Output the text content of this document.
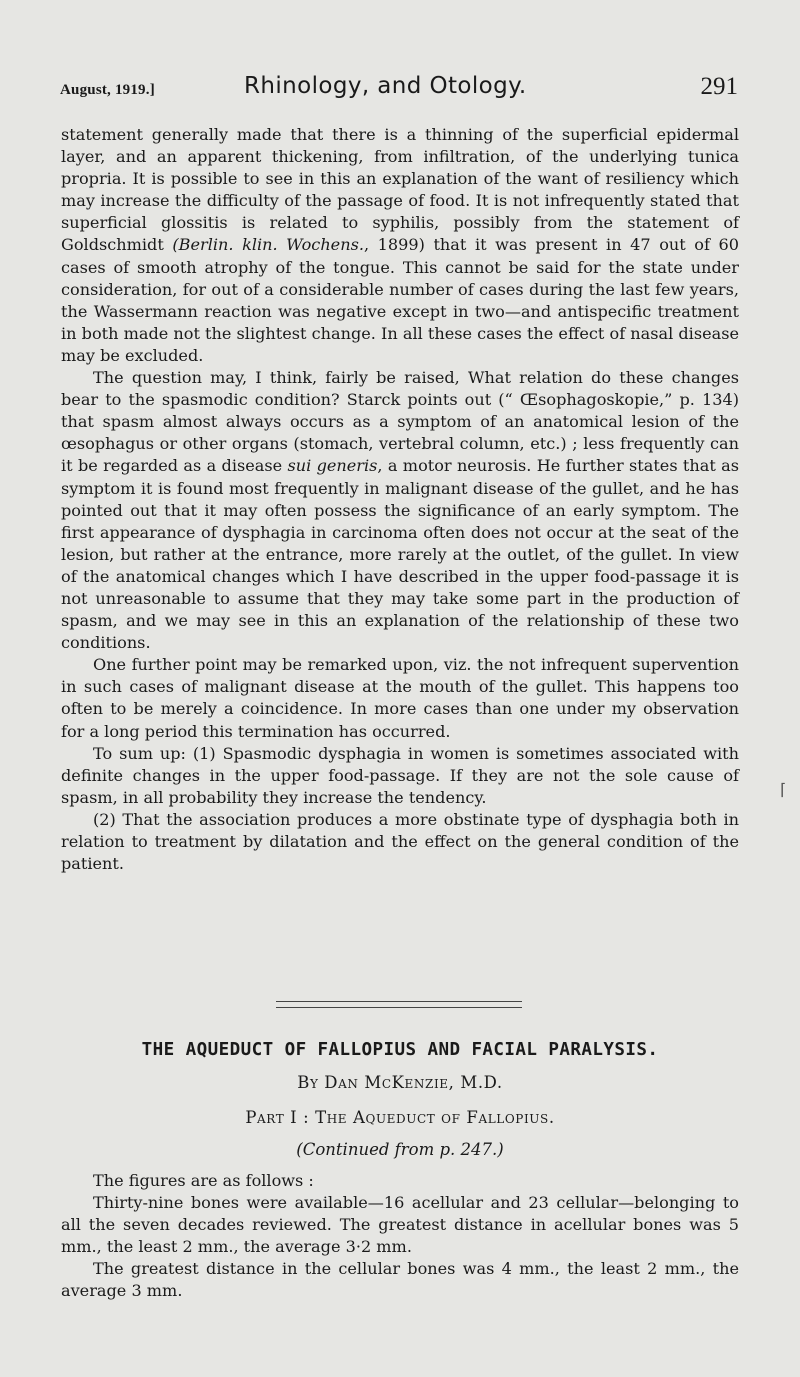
August, 1919.]	Rhinology, and Otology.	291

statement generally made that there is a thinning of the superficial epidermal layer, and an apparent thickening, from infiltration, of the underlying tunica propria. It is possible to see in this an explanation of the want of resiliency which may increase the difficulty of the passage of food. It is not infrequently stated that superficial glossitis is related to syphilis, possibly from the statement of Goldschmidt (Berlin. klin. Wochens., 1899) that it was present in 47 out of 60 cases of smooth atrophy of the tongue. This cannot be said for the state under consideration, for out of a considerable number of cases during the last few years, the Wassermann reaction was negative except in two—and antispecific treatment in both made not the slightest change. In all these cases the effect of nasal disease may be excluded.

The question may, I think, fairly be raised, What relation do these changes bear to the spasmodic condition? Starck points out (“ Œsophagoskopie,” p. 134) that spasm almost always occurs as a symptom of an anatomical lesion of the œsophagus or other organs (stomach, vertebral column, etc.) ; less frequently can it be regarded as a disease sui generis, a motor neurosis. He further states that as symptom it is found most frequently in malignant disease of the gullet, and he has pointed out that it may often possess the significance of an early symptom. The first appearance of dysphagia in carcinoma often does not occur at the seat of the lesion, but rather at the entrance, more rarely at the outlet, of the gullet. In view of the anatomical changes which I have described in the upper food-passage it is not unreasonable to assume that they may take some part in the production of spasm, and we may see in this an explanation of the relationship of these two conditions.

One further point may be remarked upon, viz. the not infrequent supervention in such cases of malignant disease at the mouth of the gullet. This happens too often to be merely a coincidence. In more cases than one under my observation for a long period this termination has occurred.

To sum up: (1) Spasmodic dysphagia in women is sometimes associated with definite changes in the upper food-passage. If they are not the sole cause of spasm, in all probability they increase the tendency.

(2) That the association produces a more obstinate type of dysphagia both in relation to treatment by dilatation and the effect on the general condition of the patient.

THE AQUEDUCT OF FALLOPIUS AND FACIAL PARALYSIS.
By Dan McKenzie, M.D.
Part I : The Aqueduct of Fallopius.
(Continued from p. 247.)

The figures are as follows :

Thirty-nine bones were available—16 acellular and 23 cellular—belonging to all the seven decades reviewed. The greatest distance in acellular bones was 5 mm., the least 2 mm., the average 3·2 mm.

The greatest distance in the cellular bones was 4 mm., the least 2 mm., the average 3 mm.

⌈
